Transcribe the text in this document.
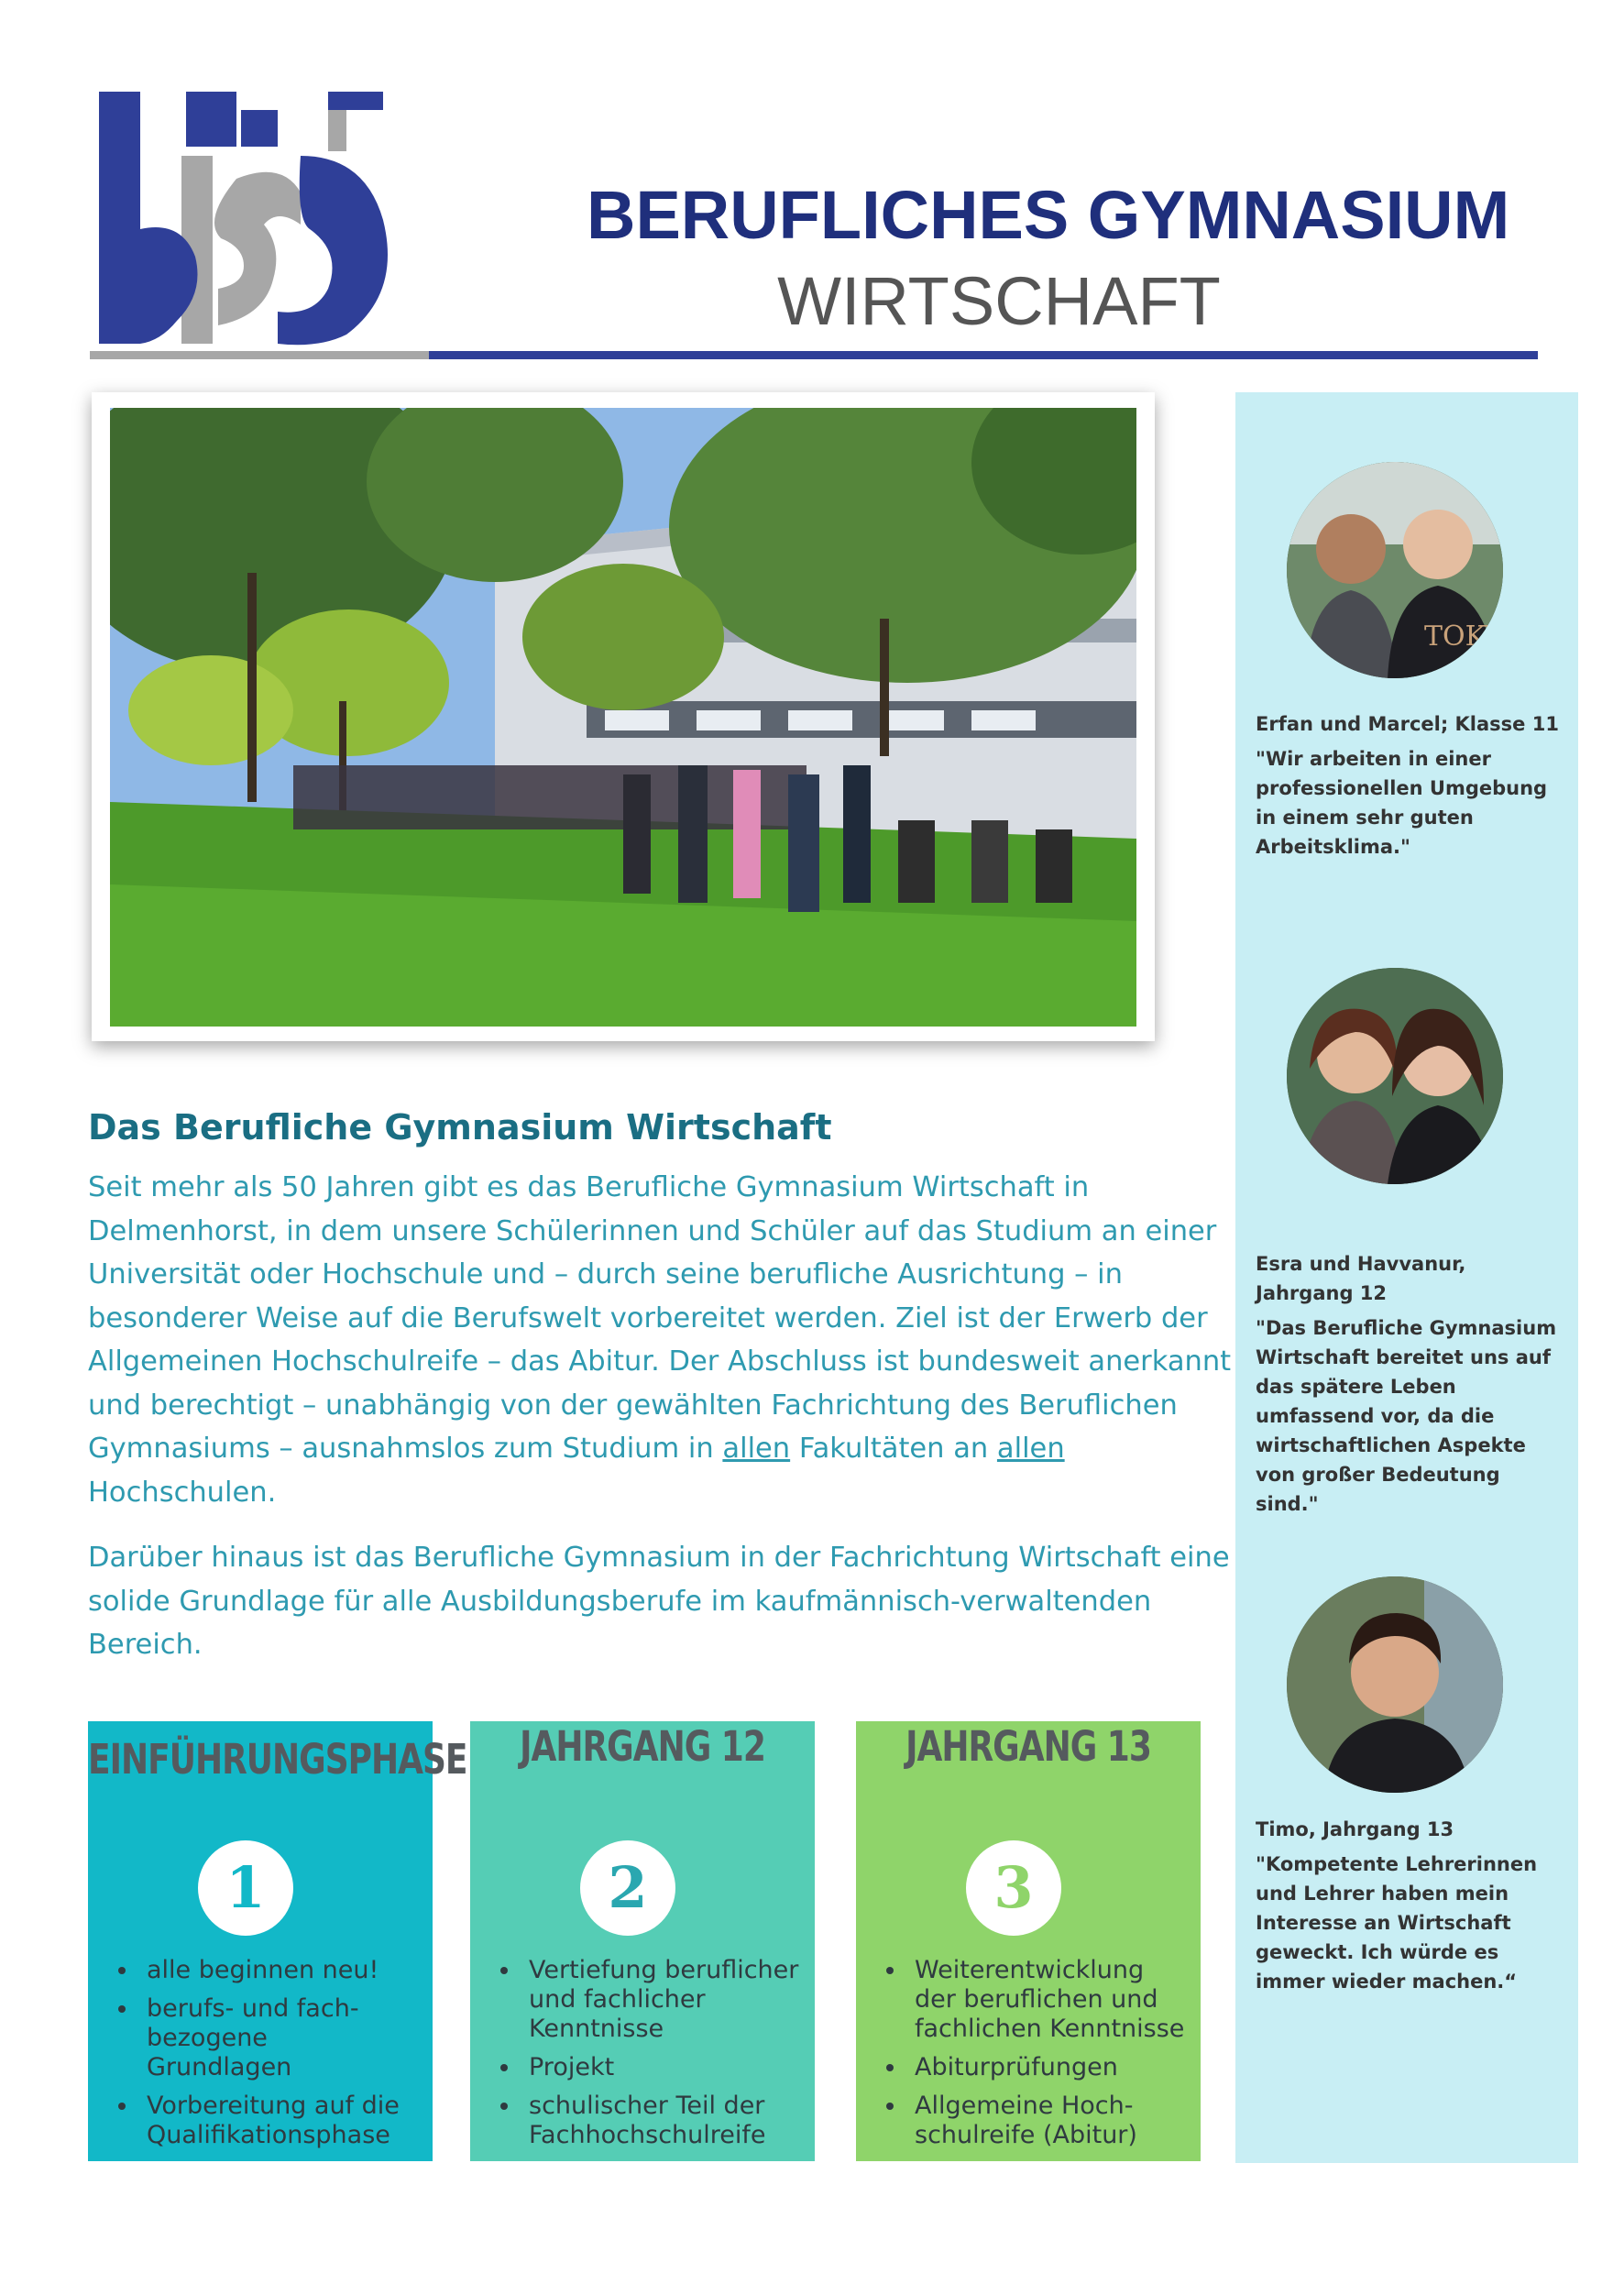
BERUFLICHES GYMNASIUM
WIRTSCHAFT
Das Berufliche Gymnasium Wirtschaft
Seit mehr als 50 Jahren gibt es das Berufliche Gymnasium Wirtschaft in Delmenhorst, in dem unsere Schülerinnen und Schüler auf das Studium an einer Universität oder Hochschule und – durch seine berufliche Ausrichtung – in besonderer Weise auf die Berufswelt vorbereitet werden. Ziel ist der Erwerb der Allgemeinen Hochschulreife – das Abitur. Der Abschluss ist bundesweit anerkannt und berechtigt – unabhängig von der gewählten Fachrichtung des Beruflichen Gymnasiums – ausnahmslos zum Studium in allen Fakultäten an allen Hochschulen.
Darüber hinaus ist das Berufliche Gymnasium in der Fachrichtung Wirtschaft eine solide Grundlage für alle Ausbildungsberufe im kaufmännisch-verwaltenden Bereich.
EINFÜHRUNGSPHASE
1
• alle beginnen neu!
• berufs- und fach-bezogene Grundlagen
• Vorbereitung auf die Qualifikationsphase
JAHRGANG 12
2
• Vertiefung beruflicher und fachlicher Kenntnisse
• Projekt
• schulischer Teil der Fachhochschulreife
JAHRGANG 13
3
• Weiterentwicklung der beruflichen und fachlichen Kenntnisse
• Abiturprüfungen
• Allgemeine Hoch-schulreife (Abitur)
TOKY

Erfan und Marcel; Klasse 11

"Wir arbeiten in einer professionellen Umgebung in einem sehr guten Arbeitsklima."

Esra und Havvanur,

Jahrgang 12

"Das Berufliche Gymnasium Wirtschaft bereitet uns auf das spätere Leben umfassend vor, da die wirtschaftlichen Aspekte von großer Bedeutung sind."

Timo, Jahrgang 13

"Kompetente Lehrerinnen und Lehrer haben mein Interesse an Wirtschaft geweckt. Ich würde es immer wieder machen.“
